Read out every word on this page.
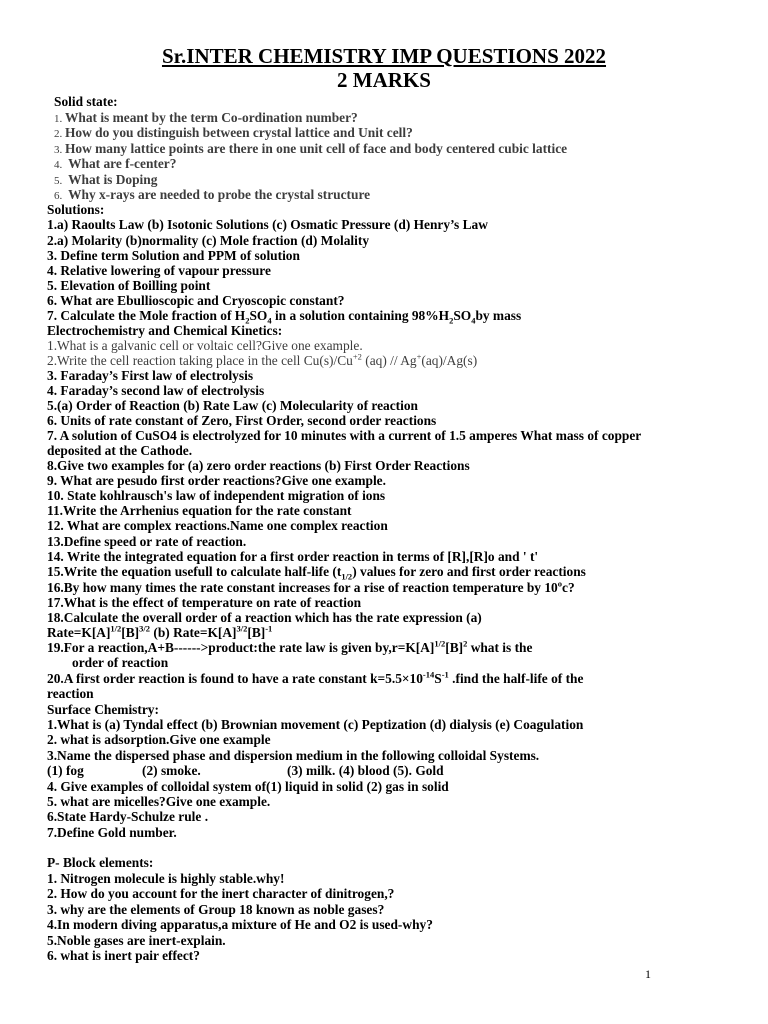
Sr.INTER CHEMISTRY IMP QUESTIONS 2022
2 MARKS
Solid state:
1. What is meant by the term Co-ordination number?
2. How do you distinguish between crystal lattice and Unit cell?
3. How many lattice points are there in one unit cell of face and body centered cubic lattice
4. What are f-center?
5. What is Doping
6. Why x-rays are needed to probe the crystal structure
Solutions:
1.a) Raoults Law (b) Isotonic Solutions (c) Osmatic Pressure (d) Henry’s Law
2.a) Molarity (b)normality (c) Mole fraction (d) Molality
3. Define term Solution and PPM of solution
4. Relative lowering of vapour pressure
5. Elevation of Boilling point
6. What are Ebullioscopic and Cryoscopic constant?
7. Calculate the Mole fraction of $H_2SO_4$ in a solution containing $98\%H_2SO_4by$ mass
Electrochemistry and Chemical Kinetics:
1.What is a galvanic cell or voltaic cell?Give one example.
2.Write the cell reaction taking place in the cell $Cu(s)/Cu^{+2}$ (aq) // Ag+(aq)/Ag(s)
3. Faraday’s First law of electrolysis
4. Faraday’s second law of electrolysis
5.(a) Order of Reaction (b) Rate Law (c) Molecularity of reaction
6. Units of rate constant of Zero, First Order, second order reactions
7. A solution of CuSO4 is electrolyzed for 10 minutes with a current of 1.5 amperes What mass of copper
deposited at the Cathode.
8.Give two examples for (a) zero order reactions (b) First Order Reactions
9. What are pesudo first order reactions?Give one example.
10. State kohlrausch's law of independent migration of ions
11.Write the Arrhenius equation for the rate constant
12. What are complex reactions.Name one complex reaction
13.Define speed or rate of reaction.
14. Write the integrated equation for a first order reaction in terms of [R],[R]o and ' t'
15.Write the equation usefull to calculate half-life $(t_{1/2})$ values for zero and first order reactions
16.By how many times the rate constant increases for a rise of reaction temperature by 10$^o$c?
17.What is the effect of temperature on rate of reaction
18.Calculate the overall order of a reaction which has the rate expression (a)
$Rate=K[A]^{1/2}[B]^{3/2}$ (b) $Rate=K[A]^{3/2}[B]^{-1}$
19.For a reaction,A+B------>product:the rate law is given $by,r=K[A]^{1/2}[B]^2$ what is the
order of reaction
20.A first order reaction is found to have a rate constant $k=5.5\times 10^{-14}S^{-1}$ .find the half-life of the
reaction
Surface Chemistry:
1.What is (a) Tyndal effect (b) Brownian movement (c) Peptization (d) dialysis (e) Coagulation
2. what is adsorption.Give one example
3.Name the dispersed phase and dispersion medium in the following colloidal Systems.
(1) fog	(2) smoke.	(3) milk. (4) blood (5). Gold
4. Give examples of colloidal system of(1) liquid in solid (2) gas in solid
5. what are micelles?Give one example.
6.State Hardy-Schulze rule .
7.Define Gold number.
P- Block elements:
1. Nitrogen molecule is highly stable.why!
2. How do you account for the inert character of dinitrogen,?
3. why are the elements of Group 18 known as noble gases?
4.In modern diving apparatus,a mixture of He and O2 is used-why?
5.Noble gases are inert-explain.
6. what is inert pair effect?
1
